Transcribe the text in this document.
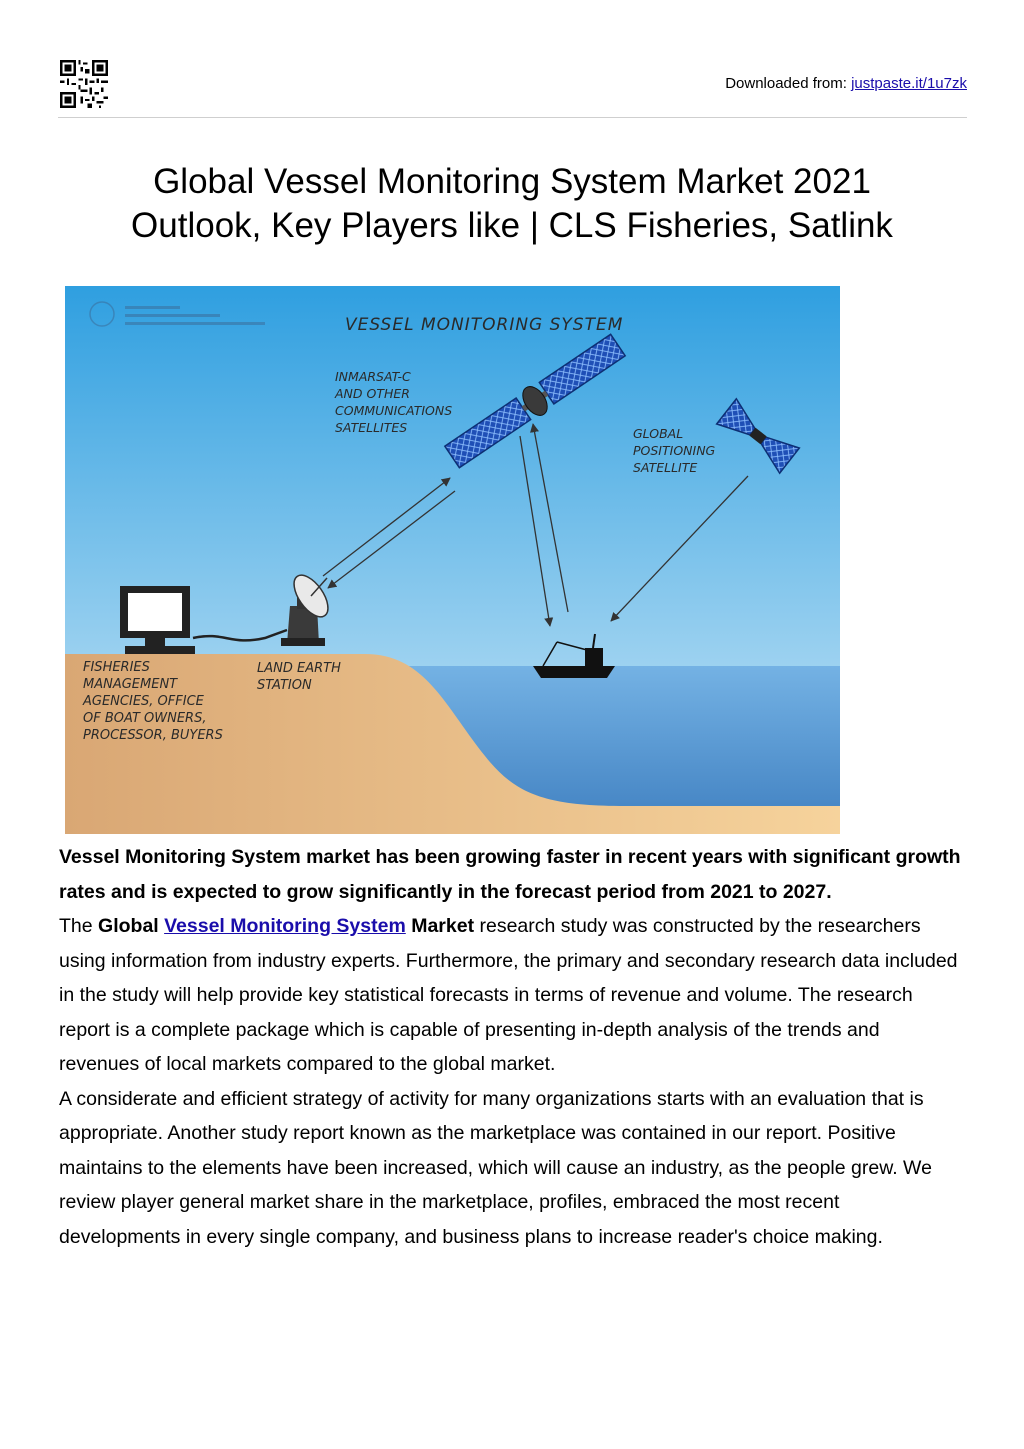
Downloaded from: justpaste.it/1u7zk
Global Vessel Monitoring System Market 2021
Outlook, Key Players like | CLS Fisheries, Satlink
VESSEL MONITORING SYSTEM
INMARSAT-C AND OTHER COMMUNICATIONS SATELLITES	GLOBAL POSITIONING SATELLITE
FISHERIES MANAGEMENT AGENCIES, OFFICE OF BOAT OWNERS, PROCESSOR, BUYERS
LAND EARTH STATION

Vessel Monitoring System market has been growing faster in recent years with significant growth rates and is expected to grow significantly in the forecast period from 2021 to 2027.

The Global Vessel Monitoring System Market research study was constructed by the researchers using information from industry experts. Furthermore, the primary and secondary research data included in the study will help provide key statistical forecasts in terms of revenue and volume. The research report is a complete package which is capable of presenting in-depth analysis of the trends and revenues of local markets compared to the global market.

A considerate and efficient strategy of activity for many organizations starts with an evaluation that is appropriate. Another study report known as the marketplace was contained in our report. Positive maintains to the elements have been increased, which will cause an industry, as the people grew. We review player general market share in the marketplace, profiles, embraced the most recent developments in every single company, and business plans to increase reader's choice making.
